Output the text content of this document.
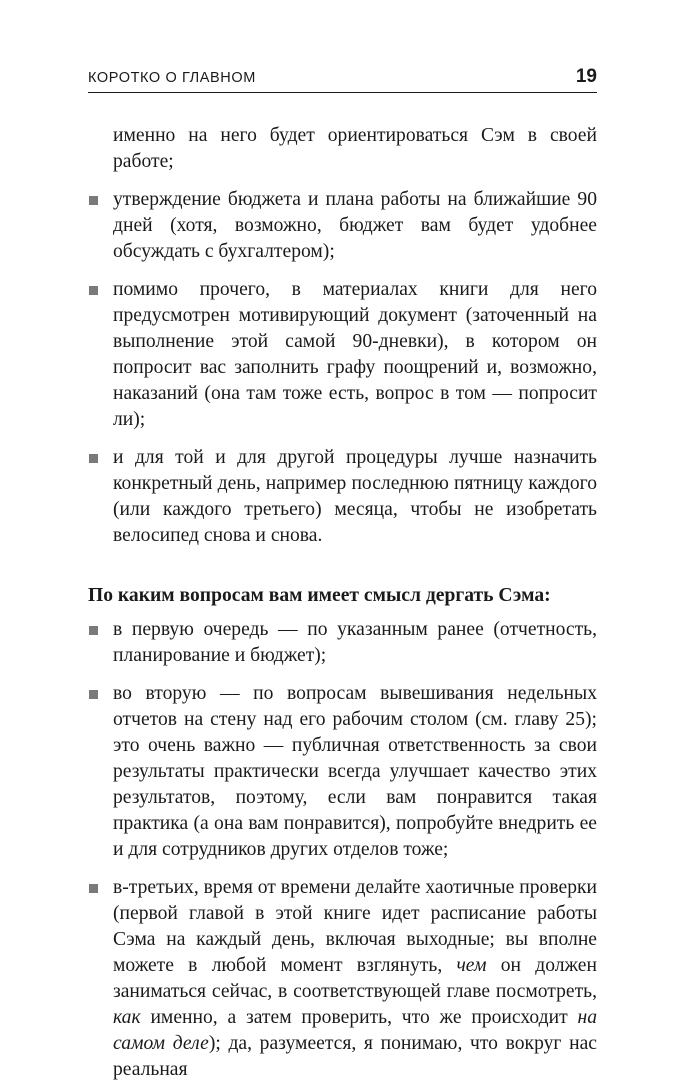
КОРОТКО О ГЛАВНОМ	19

именно на него будет ориентироваться Сэм в своей работе;

утверждение бюджета и плана работы на ближайшие 90 дней (хотя, возможно, бюджет вам будет удобнее обсуждать с бухгалтером);
помимо прочего, в материалах книги для него предусмотрен мотивирующий документ (заточенный на выполнение этой самой 90-дневки), в котором он попросит вас заполнить графу поощрений и, возможно, наказаний (она там тоже есть, вопрос в том — попросит ли);
и для той и для другой процедуры лучше назначить конкретный день, например последнюю пятницу каждого (или каждого третьего) месяца, чтобы не изобретать велосипед снова и снова.
По каким вопросам вам имеет смысл дергать Сэма:
в первую очередь — по указанным ранее (отчетность, планирование и бюджет);
во вторую — по вопросам вывешивания недельных отчетов на стену над его рабочим столом (см. главу 25); это очень важно — публичная ответственность за свои результаты практически всегда улучшает качество этих результатов, поэтому, если вам понравится такая практика (а она вам понравится), попробуйте внедрить ее и для сотрудников других отделов тоже;
в-третьих, время от времени делайте хаотичные проверки (первой главой в этой книге идет расписание работы Сэма на каждый день, включая выходные; вы вполне можете в любой момент взглянуть, чем он должен заниматься сейчас, в соответствующей главе посмотреть, как именно, а затем проверить, что же происходит на самом деле); да, разумеется, я понимаю, что вокруг нас реальная
